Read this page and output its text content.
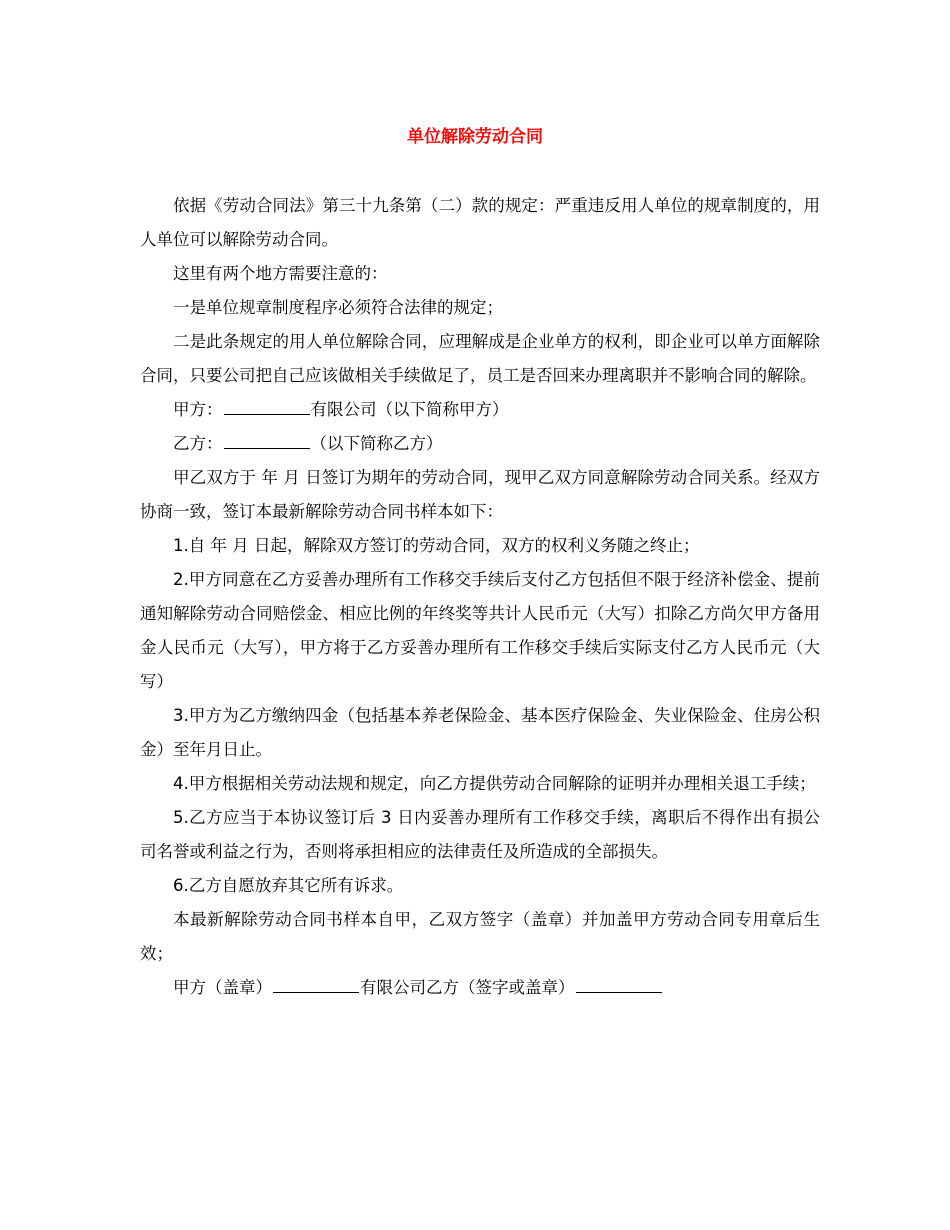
单位解除劳动合同

依据《劳动合同法》第三十九条第（二）款的规定：严重违反用人单位的规章制度的，用人单位可以解除劳动合同。

这里有两个地方需要注意的：

一是单位规章制度程序必须符合法律的规定；

二是此条规定的用人单位解除合同，应理解成是企业单方的权利，即企业可以单方面解除合同，只要公司把自己应该做相关手续做足了，员工是否回来办理离职并不影响合同的解除。

甲方：	有限公司（以下简称甲方）

乙方：	（以下简称乙方）

甲乙双方于 年 月 日签订为期年的劳动合同，现甲乙双方同意解除劳动合同关系。经双方协商一致，签订本最新解除劳动合同书样本如下：

1.自 年 月 日起，解除双方签订的劳动合同，双方的权利义务随之终止；

2.甲方同意在乙方妥善办理所有工作移交手续后支付乙方包括但不限于经济补偿金、提前通知解除劳动合同赔偿金、相应比例的年终奖等共计人民币元（大写）扣除乙方尚欠甲方备用金人民币元（大写），甲方将于乙方妥善办理所有工作移交手续后实际支付乙方人民币元（大写）

3.甲方为乙方缴纳四金（包括基本养老保险金、基本医疗保险金、失业保险金、住房公积金）至年月日止。

4.甲方根据相关劳动法规和规定，向乙方提供劳动合同解除的证明并办理相关退工手续；

5.乙方应当于本协议签订后 3 日内妥善办理所有工作移交手续，离职后不得作出有损公司名誉或利益之行为，否则将承担相应的法律责任及所造成的全部损失。

6.乙方自愿放弃其它所有诉求。

本最新解除劳动合同书样本自甲，乙双方签字（盖章）并加盖甲方劳动合同专用章后生效；

甲方（盖章）	有限公司乙方（签字或盖章）
